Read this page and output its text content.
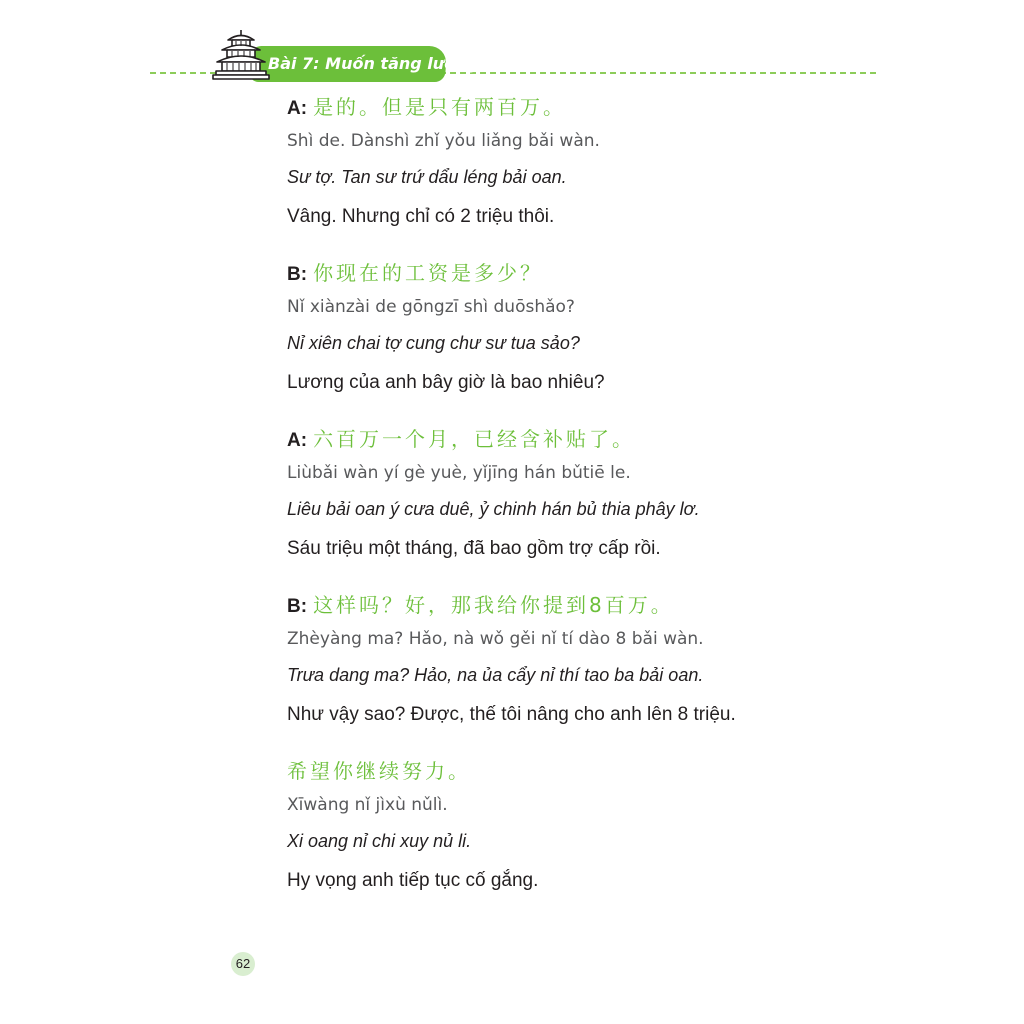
Bài 7: Muốn tăng lương
A: 是的。但是只有两百万。
Shì de. Dànshì zhǐ yǒu liǎng bǎi wàn.
Sư tợ. Tan sư trứ dẩu léng bải oan.
Vâng. Nhưng chỉ có 2 triệu thôi.
B: 你现在的工资是多少？
Nǐ xiànzài de gōngzī shì duōshǎo?
Nỉ xiên chai tợ cung chư sư tua sảo?
Lương của anh bây giờ là bao nhiêu?
A: 六百万一个月，已经含补贴了。
Liùbǎi wàn yí gè yuè, yǐjīng hán bǔtiē le.
Liêu bải oan ý cưa duê, ỷ chinh hán bủ thia phây lơ.
Sáu triệu một tháng, đã bao gồm trợ cấp rồi.
B: 这样吗？好，那我给你提到8百万。
Zhèyàng ma? Hǎo, nà wǒ gěi nǐ tí dào 8 bǎi wàn.
Trưa dang ma? Hảo, na ủa cẩy nỉ thí tao ba bải oan.
Như vậy sao? Được, thế tôi nâng cho anh lên 8 triệu.
希望你继续努力。
Xīwàng nǐ jìxù nǔlì.
Xi oang nỉ chi xuy nủ li.
Hy vọng anh tiếp tục cố gắng.
62
